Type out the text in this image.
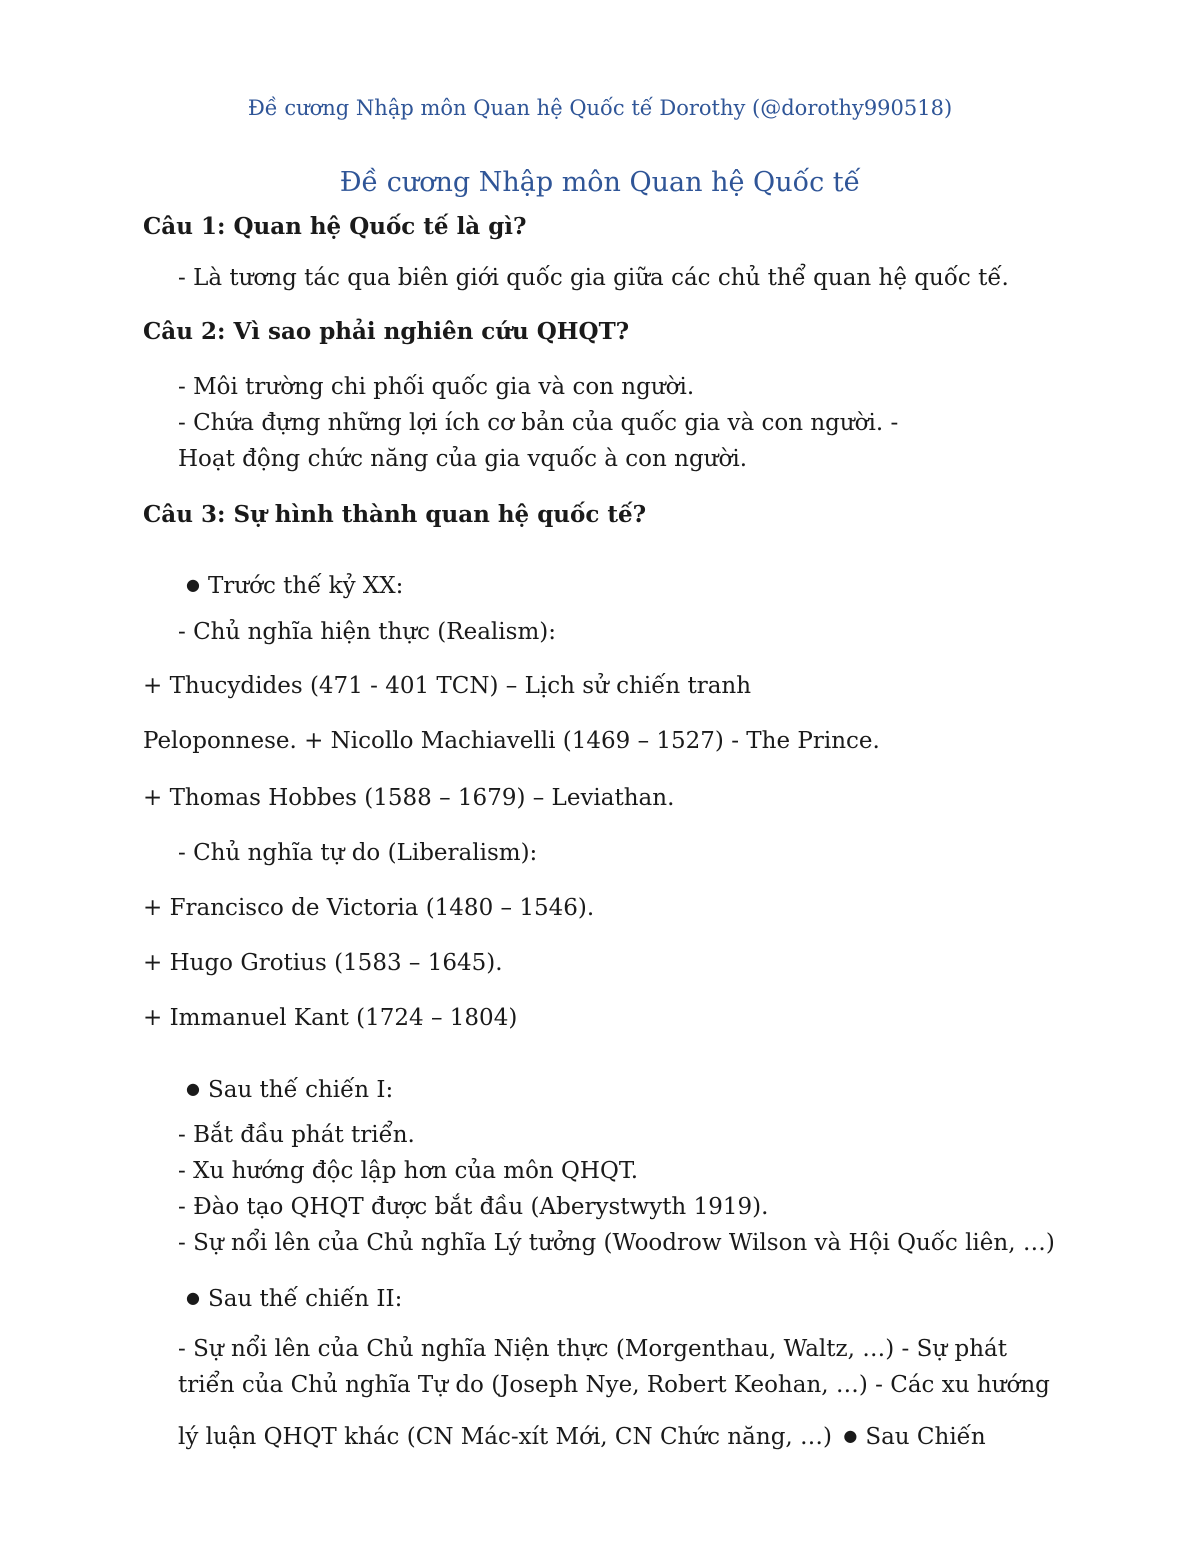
Đề cương Nhập môn Quan hệ Quốc tế Dorothy (@dorothy990518)
Đề cương Nhập môn Quan hệ Quốc tế
Câu 1: Quan hệ Quốc tế là gì?
- Là tương tác qua biên giới quốc gia giữa các chủ thể quan hệ quốc tế.
Câu 2: Vì sao phải nghiên cứu QHQT?
- Môi trường chi phối quốc gia và con người.
- Chứa đựng những lợi ích cơ bản của quốc gia và con người. -
Hoạt động chức năng của gia vquốc à con người.
Câu 3: Sự hình thành quan hệ quốc tế?
● Trước thế kỷ XX:
- Chủ nghĩa hiện thực (Realism):
+ Thucydides (471 - 401 TCN) – Lịch sử chiến tranh
Peloponnese. + Nicollo Machiavelli (1469 – 1527) - The Prince.
+ Thomas Hobbes (1588 – 1679) – Leviathan.
- Chủ nghĩa tự do (Liberalism):
+ Francisco de Victoria (1480 – 1546).
+ Hugo Grotius (1583 – 1645).
+ Immanuel Kant (1724 – 1804)
● Sau thế chiến I:
- Bắt đầu phát triển.
- Xu hướng độc lập hơn của môn QHQT.
- Đào tạo QHQT được bắt đầu (Aberystwyth 1919).
- Sự nổi lên của Chủ nghĩa Lý tưởng (Woodrow Wilson và Hội Quốc liên, …)
● Sau thế chiến II:
- Sự nổi lên của Chủ nghĩa Niện thực (Morgenthau, Waltz, …) - Sự phát
triển của Chủ nghĩa Tự do (Joseph Nye, Robert Keohan, …) - Các xu hướng
lý luận QHQT khác (CN Mác-xít Mới, CN Chức năng, …) ● Sau Chiến
